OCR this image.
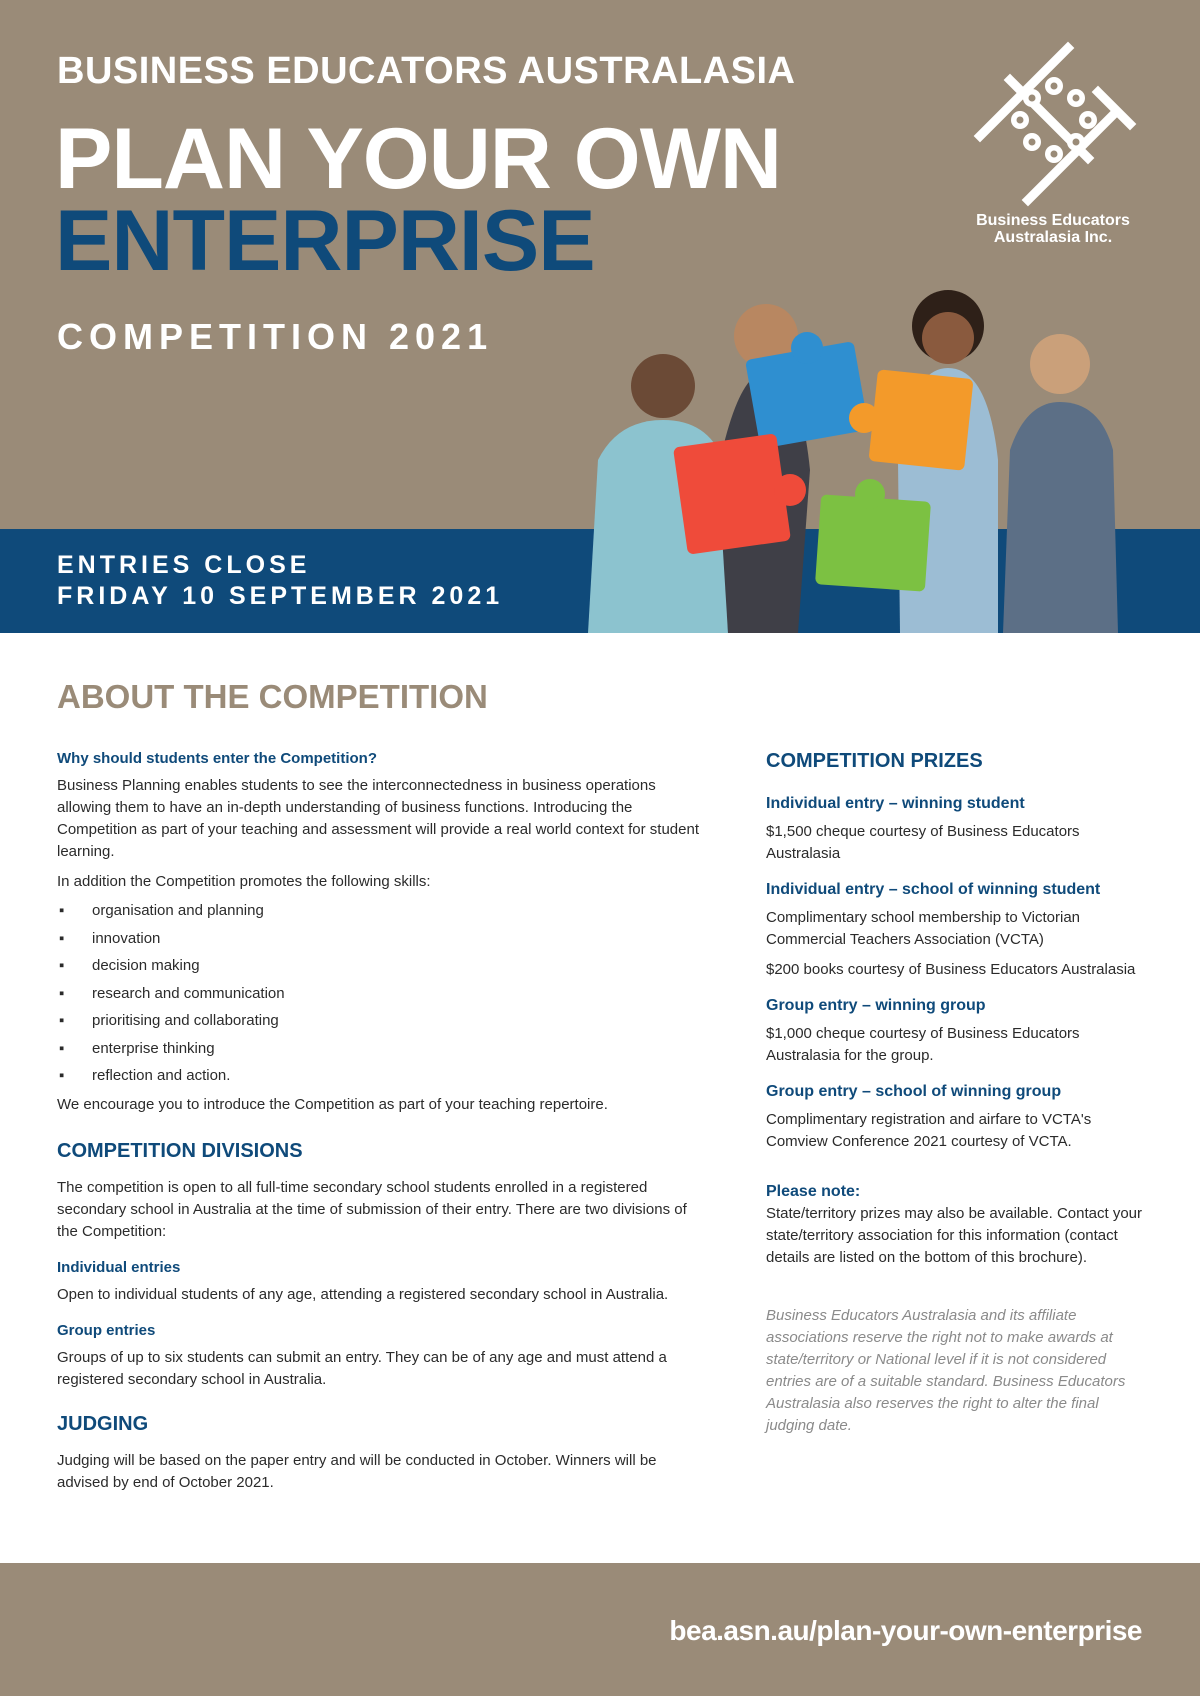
BUSINESS EDUCATORS AUSTRALASIA
PLAN YOUR OWN
ENTERPRISE
COMPETITION 2021
ENTRIES CLOSE
FRIDAY 10 SEPTEMBER 2021
Business Educators
Australasia Inc.
ABOUT THE COMPETITION
Why should students enter the Competition?

Business Planning enables students to see the interconnectedness in business operations allowing them to have an in-depth understanding of business functions. Introducing the Competition as part of your teaching and assessment will provide a real world context for student learning.

In addition the Competition promotes the following skills:

▪ organisation and planning
▪ innovation
▪ decision making
▪ research and communication
▪ prioritising and collaborating
▪ enterprise thinking
▪ reflection and action.

We encourage you to introduce the Competition as part of your teaching repertoire.

COMPETITION DIVISIONS

The competition is open to all full-time secondary school students enrolled in a registered secondary school in Australia at the time of submission of their entry. There are two divisions of the Competition:

Individual entries

Open to individual students of any age, attending a registered secondary school in Australia.

Group entries

Groups of up to six students can submit an entry. They can be of any age and must attend a registered secondary school in Australia.

JUDGING

Judging will be based on the paper entry and will be conducted in October. Winners will be advised by end of October 2021.

COMPETITION PRIZES
Individual entry – winning student

$1,500 cheque courtesy of Business Educators Australasia

Individual entry – school of winning student

Complimentary school membership to Victorian Commercial Teachers Association (VCTA)

$200 books courtesy of Business Educators Australasia

Group entry – winning group

$1,000 cheque courtesy of Business Educators Australasia for the group.

Group entry – school of winning group

Complimentary registration and airfare to VCTA's Comview Conference 2021 courtesy of VCTA.

Please note:

State/territory prizes may also be available. Contact your state/territory association for this information (contact details are listed on the bottom of this brochure).

Business Educators Australasia and its affiliate associations reserve the right not to make awards at state/territory or National level if it is not considered entries are of a suitable standard. Business Educators Australasia also reserves the right to alter the final judging date.

bea.asn.au/plan-your-own-enterprise
